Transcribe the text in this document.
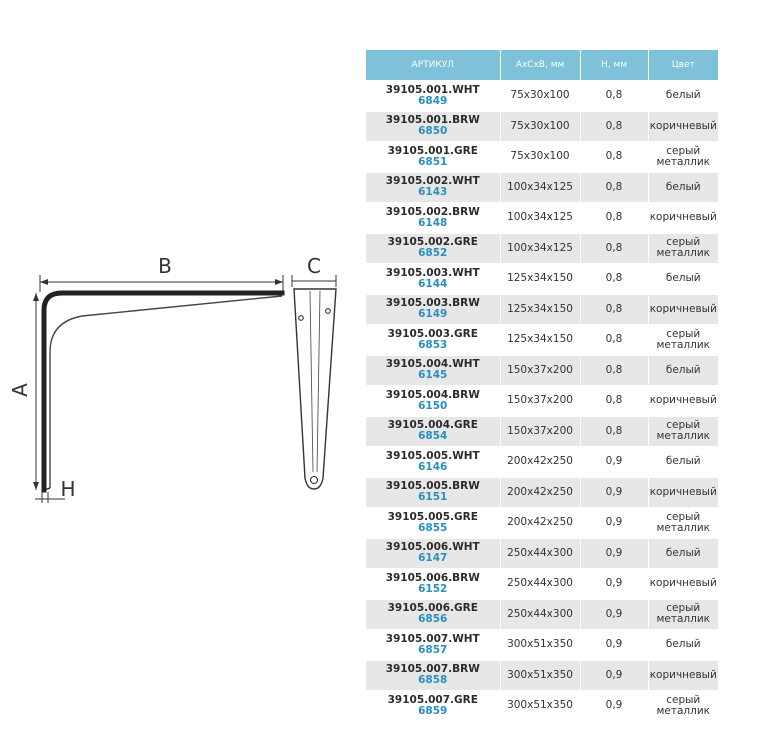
B
A
H
C
АРТИКУЛ	АхСхВ, мм	Н, мм	Цвет

39105.001.WHT
6849	75x30x100	0,8	белый

39105.001.BRW
6850	75x30x100	0,8	коричневый

39105.001.GRE
6851	75x30x100	0,8	серый
металлик

39105.002.WHT
6143	100x34x125	0,8	белый

39105.002.BRW
6148	100x34x125	0,8	коричневый

39105.002.GRE
6852	100x34x125	0,8	серый
металлик

39105.003.WHT
6144	125x34x150	0,8	белый

39105.003.BRW
6149	125x34x150	0,8	коричневый

39105.003.GRE
6853	125x34x150	0,8	серый
металлик

39105.004.WHT
6145	150x37x200	0,8	белый

39105.004.BRW
6150	150x37x200	0,8	коричневый

39105.004.GRE
6854	150x37x200	0,8	серый
металлик

39105.005.WHT
6146	200x42x250	0,9	белый

39105.005.BRW
6151	200x42x250	0,9	коричневый

39105.005.GRE
6855	200x42x250	0,9	серый
металлик

39105.006.WHT
6147	250x44x300	0,9	белый

39105.006.BRW
6152	250x44x300	0,9	коричневый

39105.006.GRE
6856	250x44x300	0,9	серый
металлик

39105.007.WHT
6857	300x51x350	0,9	белый

39105.007.BRW
6858	300x51x350	0,9	коричневый

39105.007.GRE
6859	300x51x350	0,9	серый
металлик
